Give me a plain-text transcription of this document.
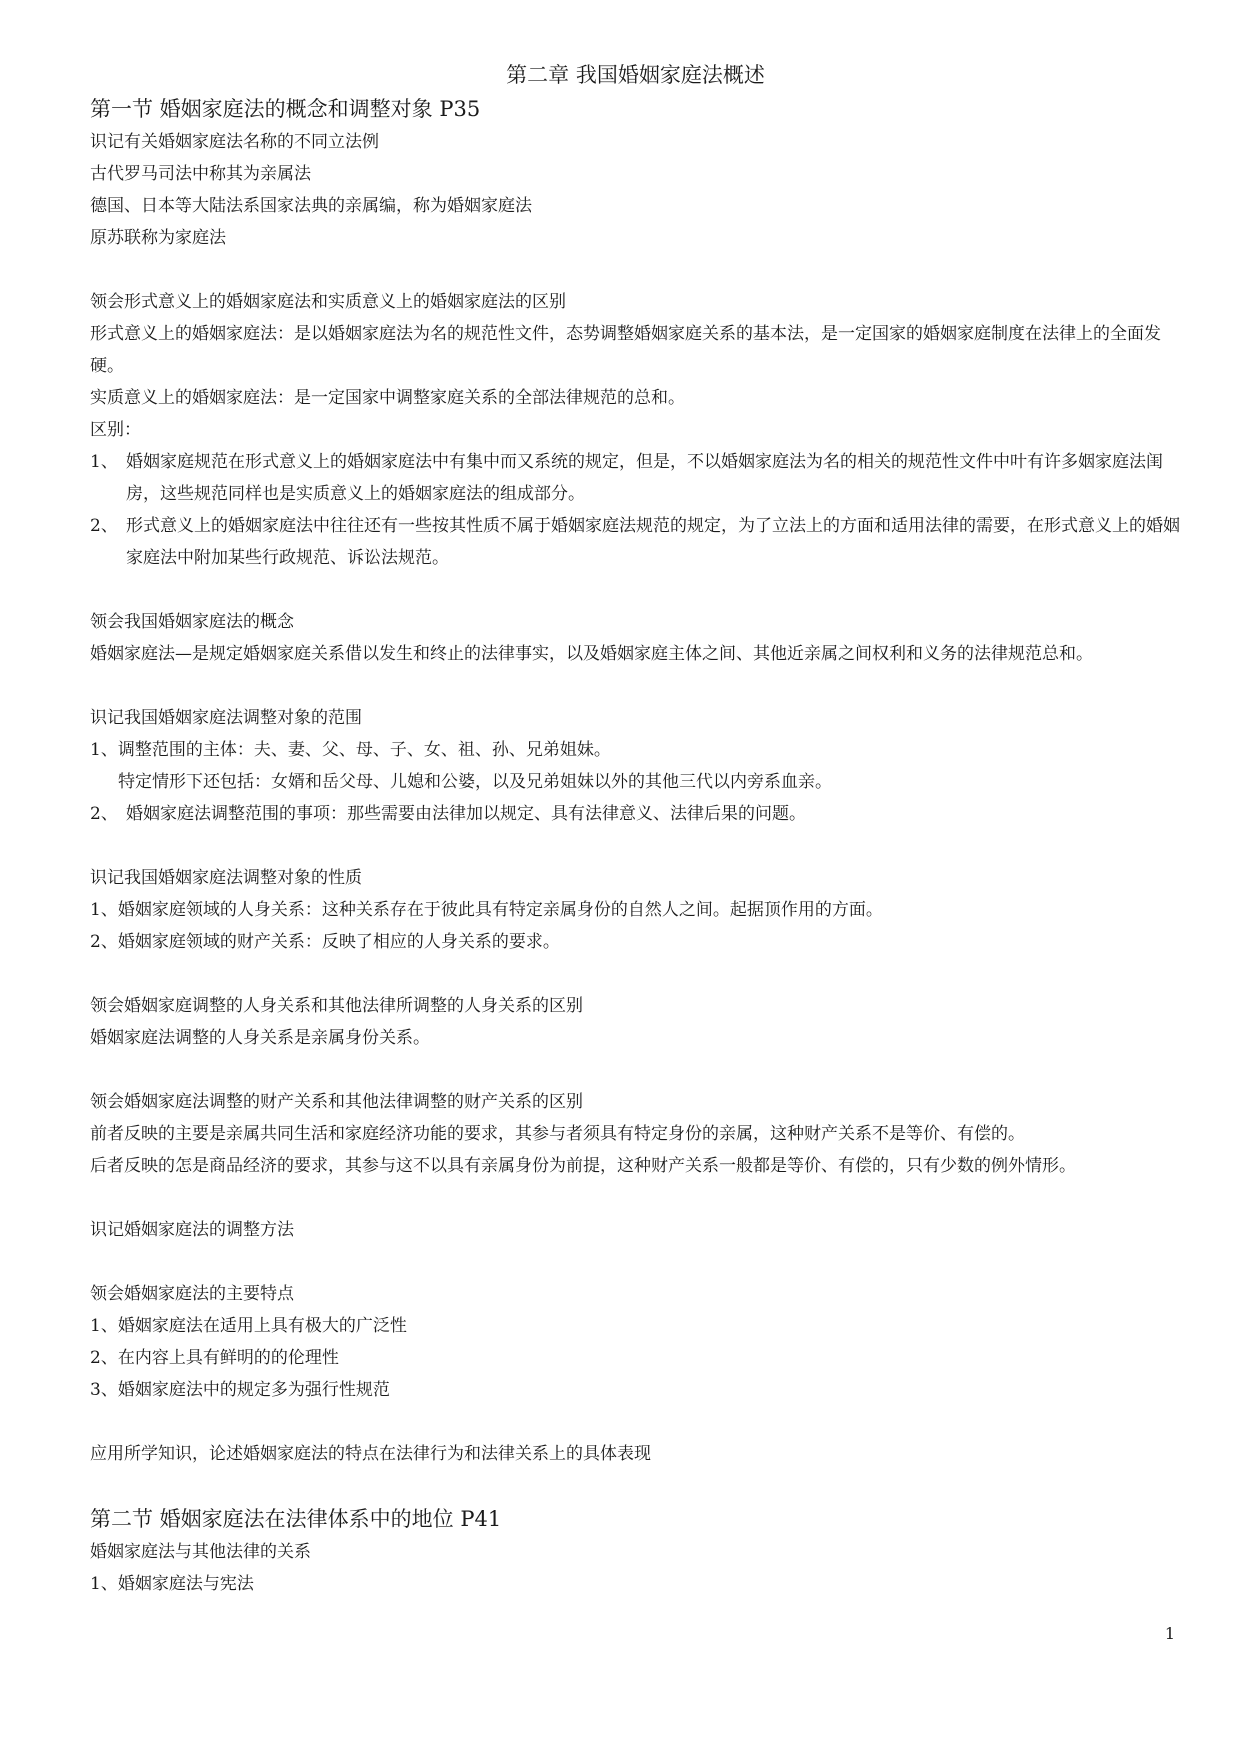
第二章 我国婚姻家庭法概述
第一节 婚姻家庭法的概念和调整对象 P35
识记有关婚姻家庭法名称的不同立法例
古代罗马司法中称其为亲属法
德国、日本等大陆法系国家法典的亲属编，称为婚姻家庭法
原苏联称为家庭法
领会形式意义上的婚姻家庭法和实质意义上的婚姻家庭法的区别
形式意义上的婚姻家庭法：是以婚姻家庭法为名的规范性文件，态势调整婚姻家庭关系的基本法，是一定国家的婚姻家庭制度在法律上的全面发硬。
实质意义上的婚姻家庭法：是一定国家中调整家庭关系的全部法律规范的总和。
区别：
1、 婚姻家庭规范在形式意义上的婚姻家庭法中有集中而又系统的规定，但是，不以婚姻家庭法为名的相关的规范性文件中叶有许多姻家庭法闺房，这些规范同样也是实质意义上的婚姻家庭法的组成部分。
2、 形式意义上的婚姻家庭法中往往还有一些按其性质不属于婚姻家庭法规范的规定，为了立法上的方面和适用法律的需要，在形式意义上的婚姻家庭法中附加某些行政规范、诉讼法规范。
领会我国婚姻家庭法的概念
婚姻家庭法—是规定婚姻家庭关系借以发生和终止的法律事实，以及婚姻家庭主体之间、其他近亲属之间权利和义务的法律规范总和。
识记我国婚姻家庭法调整对象的范围
1、调整范围的主体：夫、妻、父、母、子、女、祖、孙、兄弟姐妹。
特定情形下还包括：女婿和岳父母、儿媳和公婆，以及兄弟姐妹以外的其他三代以内旁系血亲。
2、 婚姻家庭法调整范围的事项：那些需要由法律加以规定、具有法律意义、法律后果的问题。
识记我国婚姻家庭法调整对象的性质
1、婚姻家庭领域的人身关系：这种关系存在于彼此具有特定亲属身份的自然人之间。起据顶作用的方面。
2、婚姻家庭领域的财产关系：反映了相应的人身关系的要求。
领会婚姻家庭调整的人身关系和其他法律所调整的人身关系的区别
婚姻家庭法调整的人身关系是亲属身份关系。
领会婚姻家庭法调整的财产关系和其他法律调整的财产关系的区别
前者反映的主要是亲属共同生活和家庭经济功能的要求，其参与者须具有特定身份的亲属，这种财产关系不是等价、有偿的。
后者反映的怎是商品经济的要求，其参与这不以具有亲属身份为前提，这种财产关系一般都是等价、有偿的，只有少数的例外情形。
识记婚姻家庭法的调整方法
领会婚姻家庭法的主要特点
1、婚姻家庭法在适用上具有极大的广泛性
2、在内容上具有鲜明的的伦理性
3、婚姻家庭法中的规定多为强行性规范
应用所学知识，论述婚姻家庭法的特点在法律行为和法律关系上的具体表现
第二节 婚姻家庭法在法律体系中的地位 P41
婚姻家庭法与其他法律的关系
1、婚姻家庭法与宪法
1
